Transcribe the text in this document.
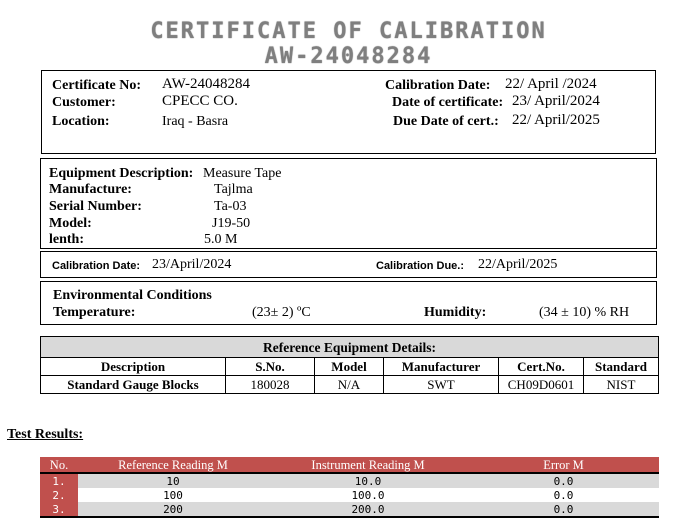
CERTIFICATE OF CALIBRATION
AW-24048284
Certificate No: AW-24048284
Customer:	CPECC CO.
Location:	Iraq - Basra
Calibration Date: 22/ April /2024
Date of certificate: 23/ April/2024
Due Date of cert.: 22/ April/2025
Equipment Description: Measure Tape
Manufacture:	Tajlma
Serial Number:	Ta-03
Model:	J19-50
lenth:	5.0 M
Calibration Date: 23/April/2024	Calibration Due.: 22/April/2025
Environmental Conditions
Temperature:	(23± 2) ºC	Humidity:	(34 ± 10) % RH
Reference Equipment Details:					
Description	S.No.	Model	Manufacturer	Cert.No.	Standard
Standard Gauge Blocks	180028	N/A	SWT	CH09D0601	NIST
Test Results:
No.	Reference Reading M	Instrument Reading M	Error M
1.	10	10.0	0.0
2.	100	100.0	0.0
3.	200	200.0	0.0
